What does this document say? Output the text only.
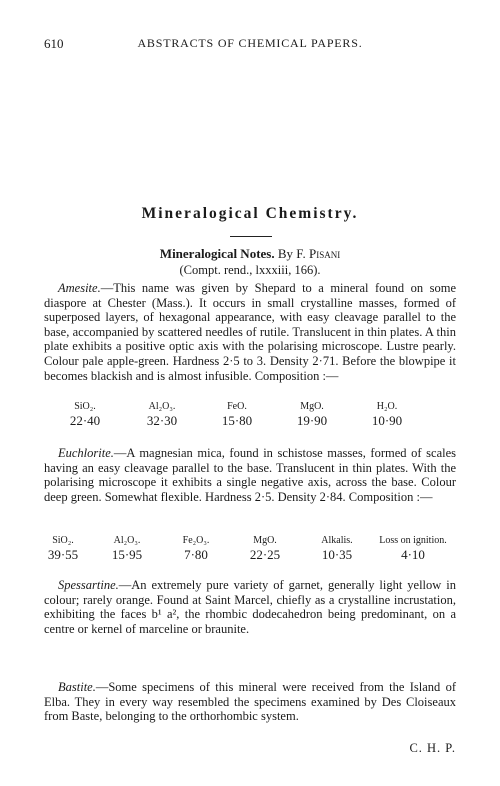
610	ABSTRACTS OF CHEMICAL PAPERS.
Mineralogical Chemistry.
Mineralogical Notes. By F. Pisani
(Compt. rend., lxxxiii, 166).

Amesite.—This name was given by Shepard to a mineral found on some diaspore at Chester (Mass.). It occurs in small crystalline masses, formed of superposed layers, of hexagonal appearance, with easy cleavage parallel to the base, accompanied by scattered needles of rutile. Translucent in thin plates. A thin plate exhibits a positive optic axis with the polarising microscope. Lustre pearly. Colour pale apple-green. Hardness 2·5 to 3. Density 2·71. Before the blowpipe it becomes blackish and is almost infusible. Composition :—

SiO₂.
22·40
Al₂O₃.
32·30
FeO.
15·80
MgO.
19·90
H₂O.
10·90

Euchlorite.—A magnesian mica, found in schistose masses, formed of scales having an easy cleavage parallel to the base. Translucent in thin plates. With the polarising microscope it exhibits a single negative axis, across the base. Colour deep green. Somewhat flexible. Hardness 2·5. Density 2·84. Composition :—

SiO₂.
39·55
Al₂O₃.
15·95
Fe₂O₃.
7·80
MgO.
22·25
Alkalis.
10·35
Loss on ignition.
4·10

Spessartine.—An extremely pure variety of garnet, generally light yellow in colour; rarely orange. Found at Saint Marcel, chiefly as a crystalline incrustation, exhibiting the faces b¹ a², the rhombic dodecahedron being predominant, on a centre or kernel of marceline or braunite.

Bastite.—Some specimens of this mineral were received from the Island of Elba. They in every way resembled the specimens examined by Des Cloiseaux from Baste, belonging to the orthorhombic system.

C. H. P.
